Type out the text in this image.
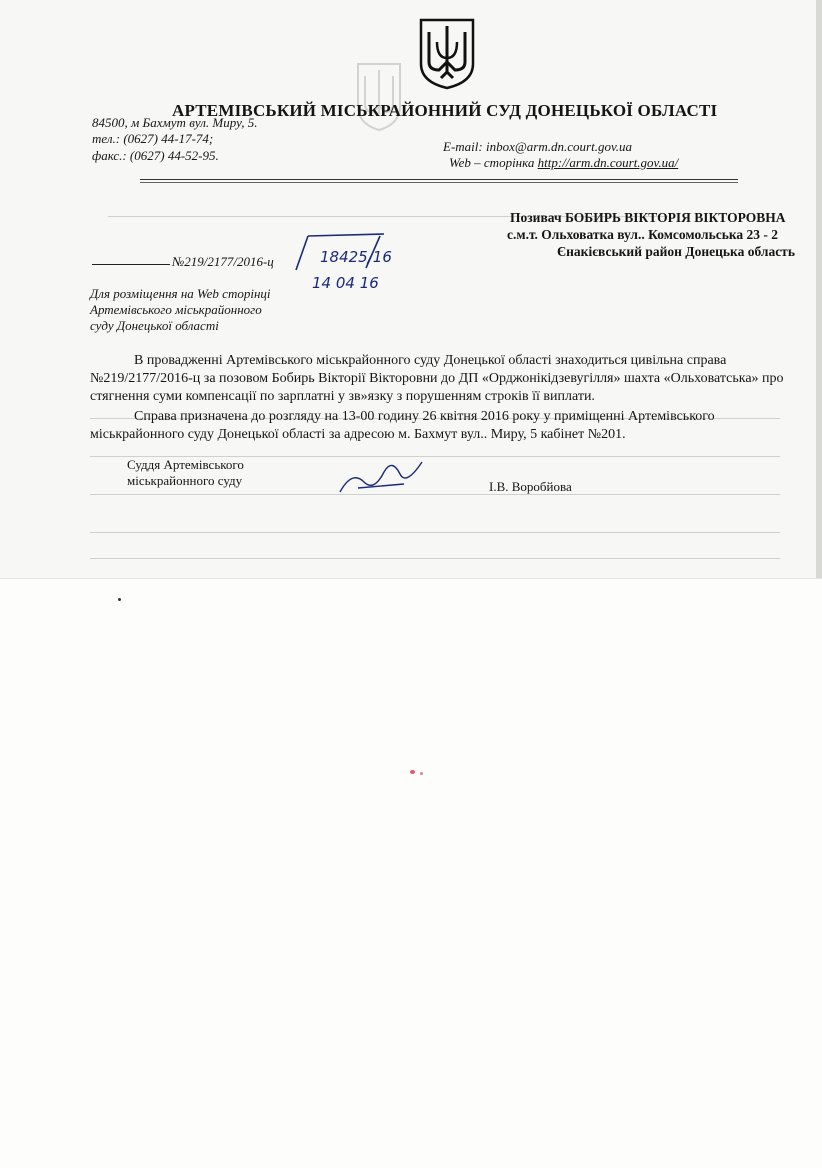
АРТЕМІВСЬКИЙ МІСЬКРАЙОННИЙ СУД ДОНЕЦЬКОЇ ОБЛАСТІ
84500, м Бахмут вул. Миру, 5.
тел.: (0627) 44-17-74;
факс.: (0627) 44-52-95.
E-mail: inbox@arm.dn.court.gov.ua
Web – сторінка http://arm.dn.court.gov.ua/
Позивач БОБИРЬ ВІКТОРІЯ ВІКТОРОВНА
с.м.т. Ольховатка вул.. Комсомольська 23 - 2
Єнакієвський район Донецька область
№219/2177/2016-ц	18425/16
14 04 16
Для розміщення на Web сторінці
Артемівського міськрайонного
суду Донецької області
В провадженні Артемівського міськрайонного суду Донецької області знаходиться цивільна справа
№219/2177/2016-ц за позовом Бобирь Вікторії Вікторовни до ДП «Орджонікідзевугілля» шахта «Ольховатська» про
стягнення суми компенсації по зарплатні у зв»язку з порушенням строків її виплати.
Справа призначена до розгляду на 13-00 годину 26 квітня 2016 року у приміщенні Артемівського
міськрайонного суду Донецької області за адресою м. Бахмут вул.. Миру, 5 кабінет №201.
Суддя Артемівського
міськрайонного суду	І.В. Воробйова
